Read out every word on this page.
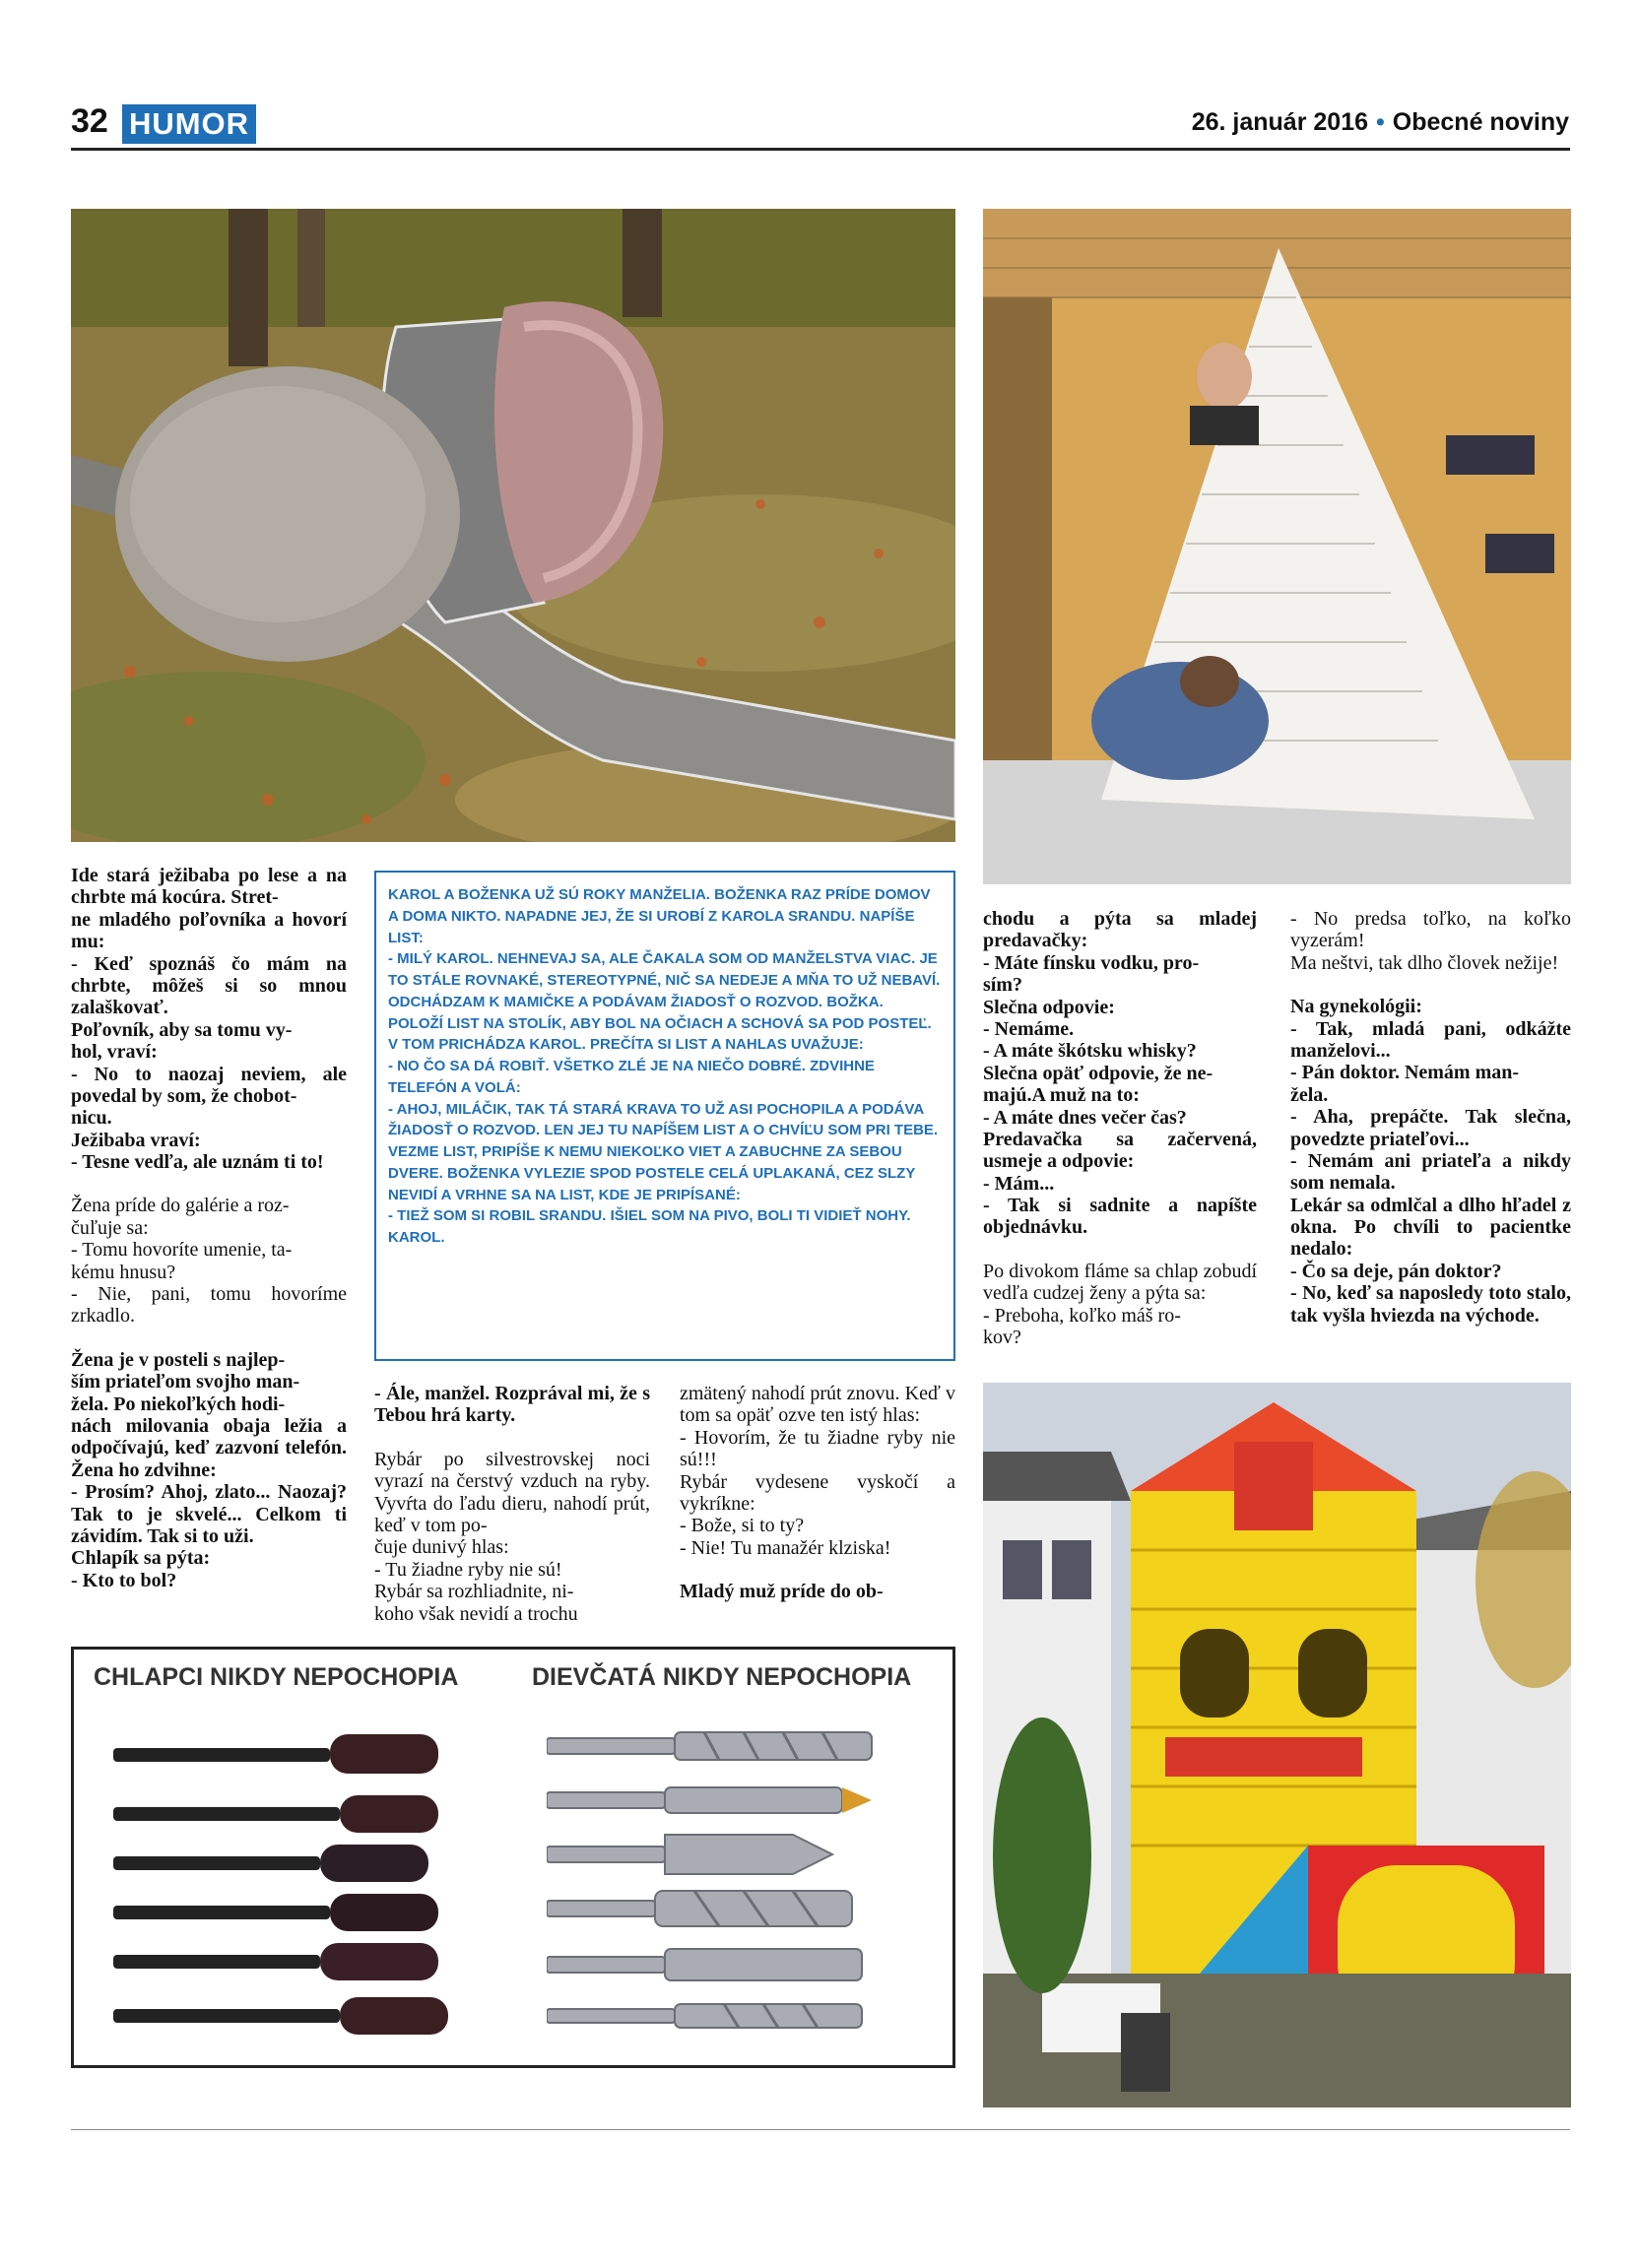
32 HUMOR	26. január 2016 • Obecné noviny

Ide stará ježibaba po lese a na chrbte má kocúra. Stret-
ne mladého poľovníka a hovorí mu:
- Keď spoznáš čo mám na chrbte, môžeš si so mnou zalaškovať.
Poľovník, aby sa tomu vy-
hol, vraví:
- No to naozaj neviem, ale povedal by som, že chobot-
nicu.
Ježibaba vraví:
- Tesne vedľa, ale uznám ti to!

Žena príde do galérie a roz-
čuľuje sa:
- Tomu hovoríte umenie, ta-
kému hnusu?
- Nie, pani, tomu hovoríme zrkadlo.

Žena je v posteli s najlep-
ším priateľom svojho man-
žela. Po niekoľkých hodi-
nách milovania obaja ležia a odpočívajú, keď zazvoní telefón. Žena ho zdvihne:
- Prosím? Ahoj, zlato... Naozaj? Tak to je skvelé... Celkom ti závidím. Tak si to uži.
Chlapík sa pýta:
- Kto to bol?

KAROL A BOŽENKA UŽ SÚ ROKY MANŽELIA. BOŽENKA RAZ PRÍDE DOMOV A DOMA NIKTO. NAPADNE JEJ, ŽE SI UROBÍ Z KAROLA SRANDU. NAPÍŠE LIST:
- MILÝ KAROL. NEHNEVAJ SA, ALE ČAKALA SOM OD MANŽELSTVA VIAC. JE TO STÁLE ROVNAKÉ, STEREOTYPNÉ, NIČ SA NEDEJE A MŇA TO UŽ NEBAVÍ. ODCHÁDZAM K MAMIČKE A PODÁVAM ŽIADOSŤ O ROZVOD. BOŽKA.
POLOŽÍ LIST NA STOLÍK, ABY BOL NA OČIACH A SCHOVÁ SA POD POSTEĽ. V TOM PRICHÁDZA KAROL. PREČÍTA SI LIST A NAHLAS UVAŽUJE:
- NO ČO SA DÁ ROBIŤ. VŠETKO ZLÉ JE NA NIEČO DOBRÉ. ZDVIHNE TELEFÓN A VOLÁ:
- AHOJ, MILÁČIK, TAK TÁ STARÁ KRAVA TO UŽ ASI POCHOPILA A PODÁVA ŽIADOSŤ O ROZVOD. LEN JEJ TU NAPÍŠEM LIST A O CHVÍĽU SOM PRI TEBE.
VEZME LIST, PRIPÍŠE K NEMU NIEKOĽKO VIET A ZABUCHNE ZA SEBOU DVERE. BOŽENKA VYLEZIE SPOD POSTELE CELÁ UPLAKANÁ, CEZ SLZY NEVIDÍ A VRHNE SA NA LIST, KDE JE PRIPÍSANÉ:
- TIEŽ SOM SI ROBIL SRANDU. IŠIEL SOM NA PIVO, BOLI TI VIDIEŤ NOHY. KAROL.

- Ále, manžel. Rozprával mi, že s Tebou hrá karty.

Rybár po silvestrovskej noci vyrazí na čerstvý vzduch na ryby. Vyvŕta do ľadu dieru, nahodí prút, keď v tom po-
čuje dunivý hlas:
- Tu žiadne ryby nie sú!
Rybár sa rozhliadnite, ni-
koho však nevidí a trochu

zmätený nahodí prút znovu. Keď v tom sa opäť ozve ten istý hlas:
- Hovorím, že tu žiadne ryby nie sú!!!
Rybár vydesene vyskočí a vykríkne:
- Bože, si to ty?
- Nie! Tu manažér klziska!

Mladý muž príde do ob-

chodu a pýta sa mladej predavačky:
- Máte fínsku vodku, pro-
sím?
Slečna odpovie:
- Nemáme.
- A máte škótsku whisky?
Slečna opäť odpovie, že ne-
majú.A muž na to:
- A máte dnes večer čas?
Predavačka sa začervená, usmeje a odpovie:
- Mám...
- Tak si sadnite a napíšte objednávku.

Po divokom fláme sa chlap zobudí vedľa cudzej ženy a pýta sa:
- Preboha, koľko máš ro-
kov?

- No predsa toľko, na koľko vyzerám!
Ma neštvi, tak dlho človek nežije!

Na gynekológii:
- Tak, mladá pani, odkážte manželovi...
- Pán doktor. Nemám man-
žela.
- Aha, prepáčte. Tak slečna, povedzte priateľovi...
- Nemám ani priateľa a nikdy som nemala.
Lekár sa odmlčal a dlho hľadel z okna. Po chvíli to pacientke nedalo:
- Čo sa deje, pán doktor?
- No, keď sa naposledy toto stalo, tak vyšla hviezda na východe.

CHLAPCI NIKDY NEPOCHOPIA	DIEVČATÁ NIKDY NEPOCHOPIA
